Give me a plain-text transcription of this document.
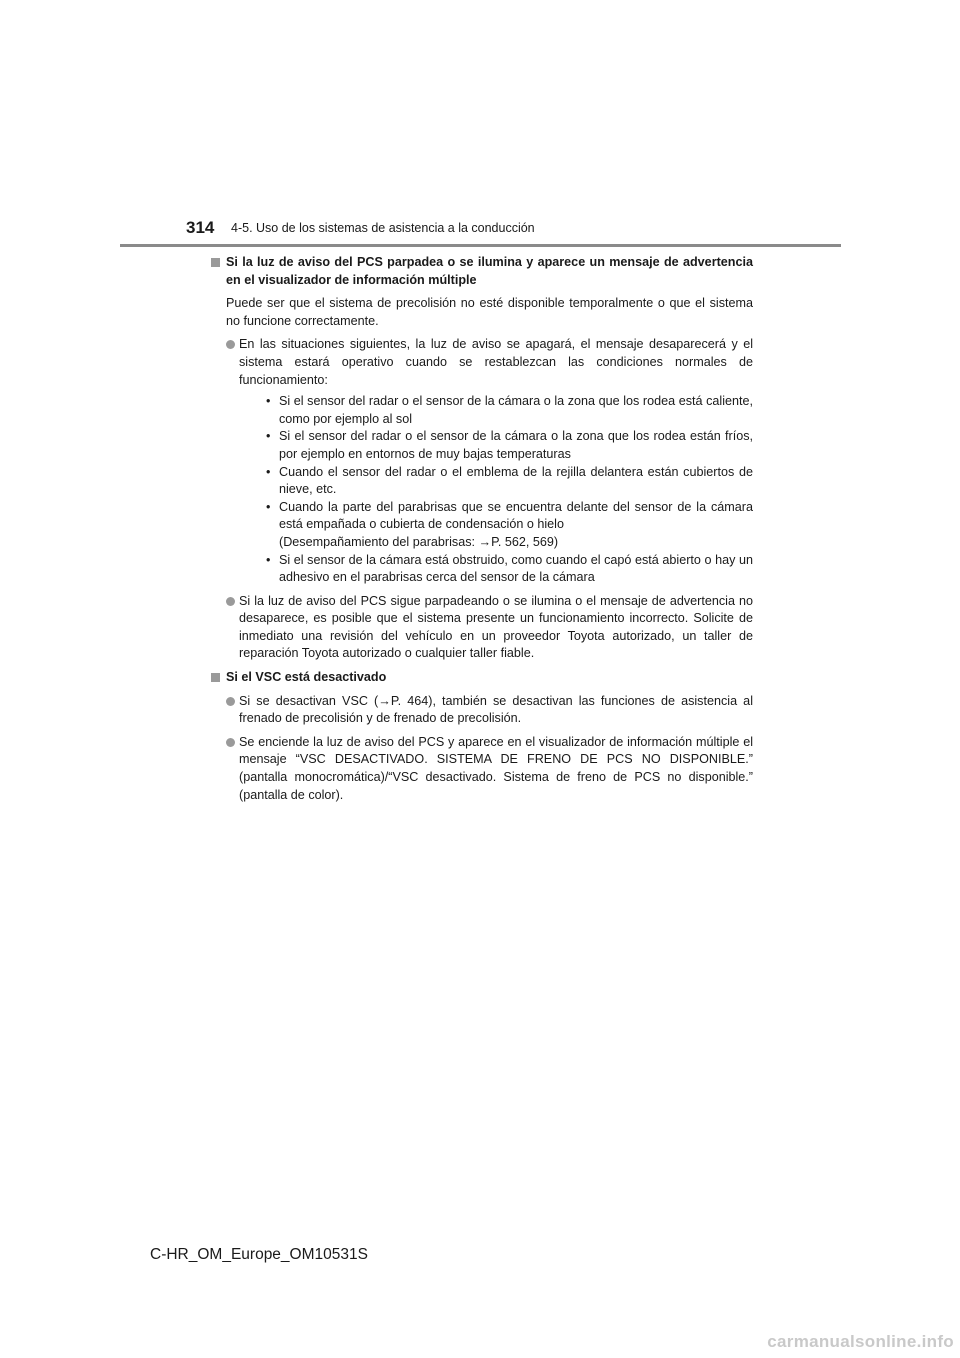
314 4-5. Uso de los sistemas de asistencia a la conducción
Si la luz de aviso del PCS parpadea o se ilumina y aparece un mensaje de advertencia en el visualizador de información múltiple

Puede ser que el sistema de precolisión no esté disponible temporalmente o que el sistema no funcione correctamente.

En las situaciones siguientes, la luz de aviso se apagará, el mensaje desaparecerá y el sistema estará operativo cuando se restablezcan las condiciones normales de funcionamiento:
• Si el sensor del radar o el sensor de la cámara o la zona que los rodea está caliente, como por ejemplo al sol
• Si el sensor del radar o el sensor de la cámara o la zona que los rodea están fríos, por ejemplo en entornos de muy bajas temperaturas
• Cuando el sensor del radar o el emblema de la rejilla delantera están cubiertos de nieve, etc.
• Cuando la parte del parabrisas que se encuentra delante del sensor de la cámara está empañada o cubierta de condensación o hielo
(Desempañamiento del parabrisas: →P. 562, 569)
• Si el sensor de la cámara está obstruido, como cuando el capó está abierto o hay un adhesivo en el parabrisas cerca del sensor de la cámara
Si la luz de aviso del PCS sigue parpadeando o se ilumina o el mensaje de advertencia no desaparece, es posible que el sistema presente un funcionamiento incorrecto. Solicite de inmediato una revisión del vehículo en un proveedor Toyota autorizado, un taller de reparación Toyota autorizado o cualquier taller fiable.
Si el VSC está desactivado
Si se desactivan VSC (→P. 464), también se desactivan las funciones de asistencia al frenado de precolisión y de frenado de precolisión.
Se enciende la luz de aviso del PCS y aparece en el visualizador de información múltiple el mensaje “VSC DESACTIVADO. SISTEMA DE FRENO DE PCS NO DISPONIBLE.” (pantalla monocromática)/“VSC desactivado. Sistema de freno de PCS no disponible.” (pantalla de color).
C-HR_OM_Europe_OM10531S
carmanualsonline.info
